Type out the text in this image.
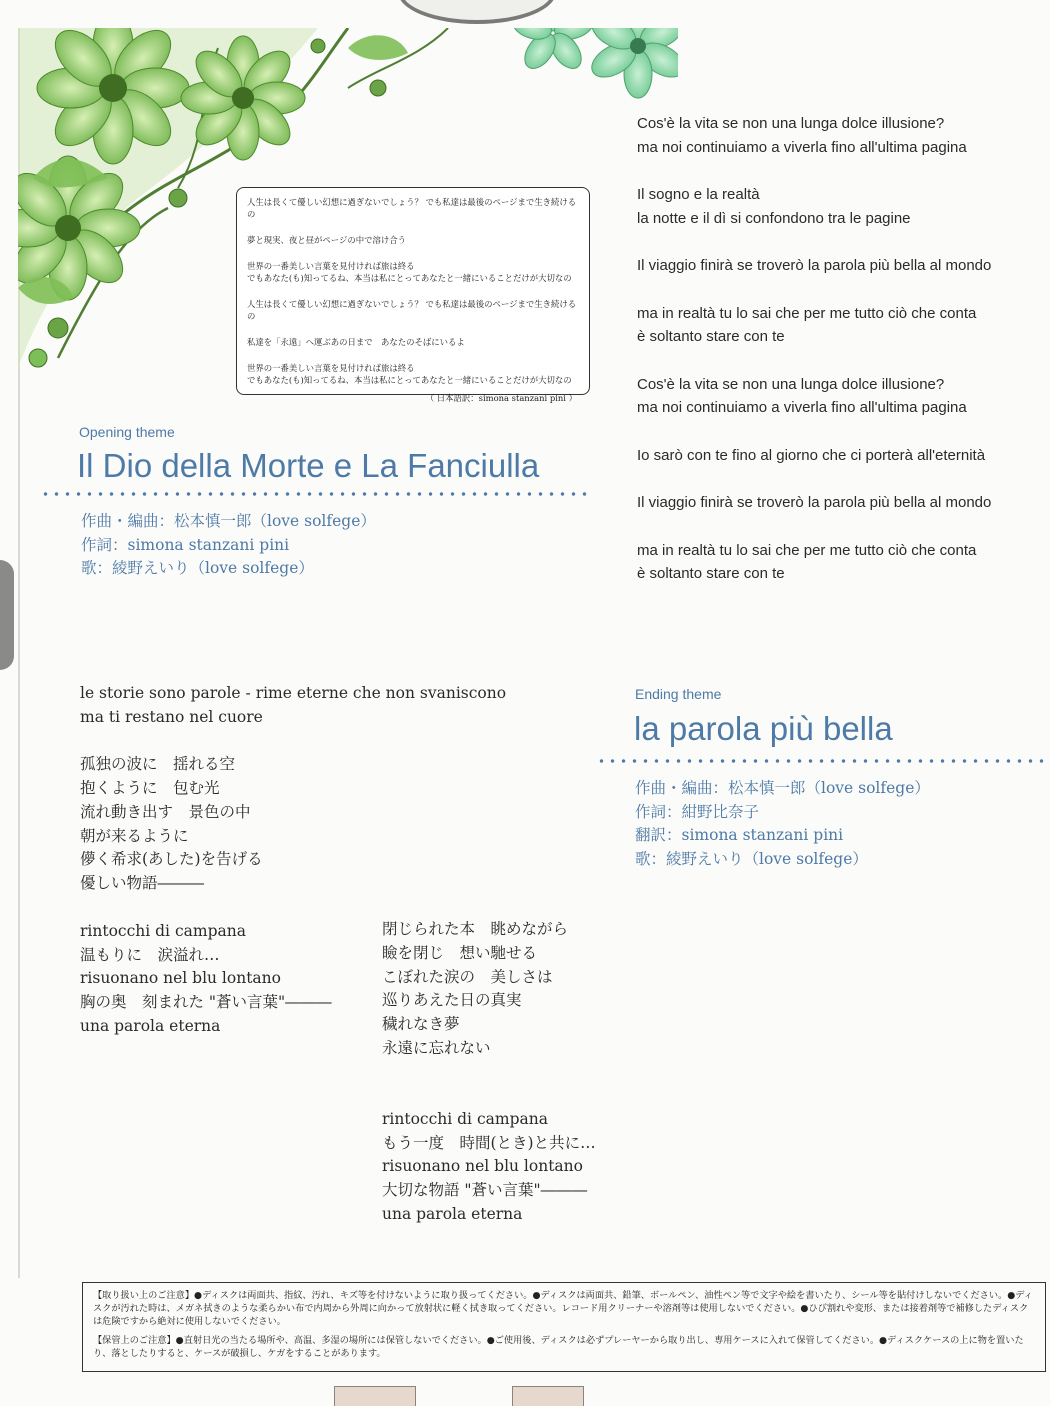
人生は長くて優しい幻想に過ぎないでしょう？ でも私達は最後のページまで生き続けるの

夢と現実、夜と昼がページの中で溶け合う

世界の一番美しい言葉を見付ければ旅は終る
でもあなた(も)知ってるね、本当は私にとってあなたと一緒にいることだけが大切なの

人生は長くて優しい幻想に過ぎないでしょう？ でも私達は最後のページまで生き続けるの

私達を「永遠」へ運ぶあの日まで　あなたのそばにいるよ

世界の一番美しい言葉を見付ければ旅は終る
でもあなた(も)知ってるね、本当は私にとってあなたと一緒にいることだけが大切なの

（ 日本語訳：simona stanzani pini ）
Opening theme
Il Dio della Morte e La Fanciulla
作曲・編曲：松本慎一郎（love solfege）
作詞：simona stanzani pini
歌：綾野えいり（love solfege）
Cos'è la vita se non una lunga dolce illusione?
ma noi continuiamo a viverla fino all'ultima pagina
Il sogno e la realtà
la notte e il dì si confondono tra le pagine
Il viaggio finirà se troverò la parola più bella al mondo
ma in realtà tu lo sai che per me tutto ciò che conta
è soltanto stare con te
Cos'è la vita se non una lunga dolce illusione?
ma noi continuiamo a viverla fino all'ultima pagina
Io sarò con te fino al giorno che ci porterà all'eternità
Il viaggio finirà se troverò la parola più bella al mondo
ma in realtà tu lo sai che per me tutto ciò che conta
è soltanto stare con te
Ending theme
la parola più bella
作曲・編曲：松本慎一郎（love solfege）
作詞：紺野比奈子
翻訳：simona stanzani pini
歌：綾野えいり（love solfege）
le storie sono parole - rime eterne che non svaniscono
ma ti restano nel cuore
孤独の波に　揺れる空
抱くように　包む光
流れ動き出す　景色の中
朝が来るように
儚く希求(あした)を告げる
優しい物語―――
rintocchi di campana
温もりに　涙溢れ…
risuonano nel blu lontano
胸の奥　刻まれた "蒼い言葉"―――
una parola eterna
閉じられた本　眺めながら
瞼を閉じ　想い馳せる
こぼれた涙の　美しさは
巡りあえた日の真実
穢れなき夢
永遠に忘れない
rintocchi di campana
もう一度　時間(とき)と共に…
risuonano nel blu lontano
大切な物語 "蒼い言葉"―――
una parola eterna

【取り扱い上のご注意】●ディスクは両面共、指紋、汚れ、キズ等を付けないように取り扱ってください。●ディスクは両面共、鉛筆、ボールペン、油性ペン等で文字や絵を書いたり、シール等を貼付けしないでください。●ディスクが汚れた時は、メガネ拭きのような柔らかい布で内周から外周に向かって放射状に軽く拭き取ってください。レコード用クリーナーや溶剤等は使用しないでください。●ひび割れや変形、または接着剤等で補修したディスクは危険ですから絶対に使用しないでください。

【保管上のご注意】●直射日光の当たる場所や、高温、多湿の場所には保管しないでください。●ご使用後、ディスクは必ずプレーヤーから取り出し、専用ケースに入れて保管してください。●ディスクケースの上に物を置いたり、落としたりすると、ケースが破損し、ケガをすることがあります。
